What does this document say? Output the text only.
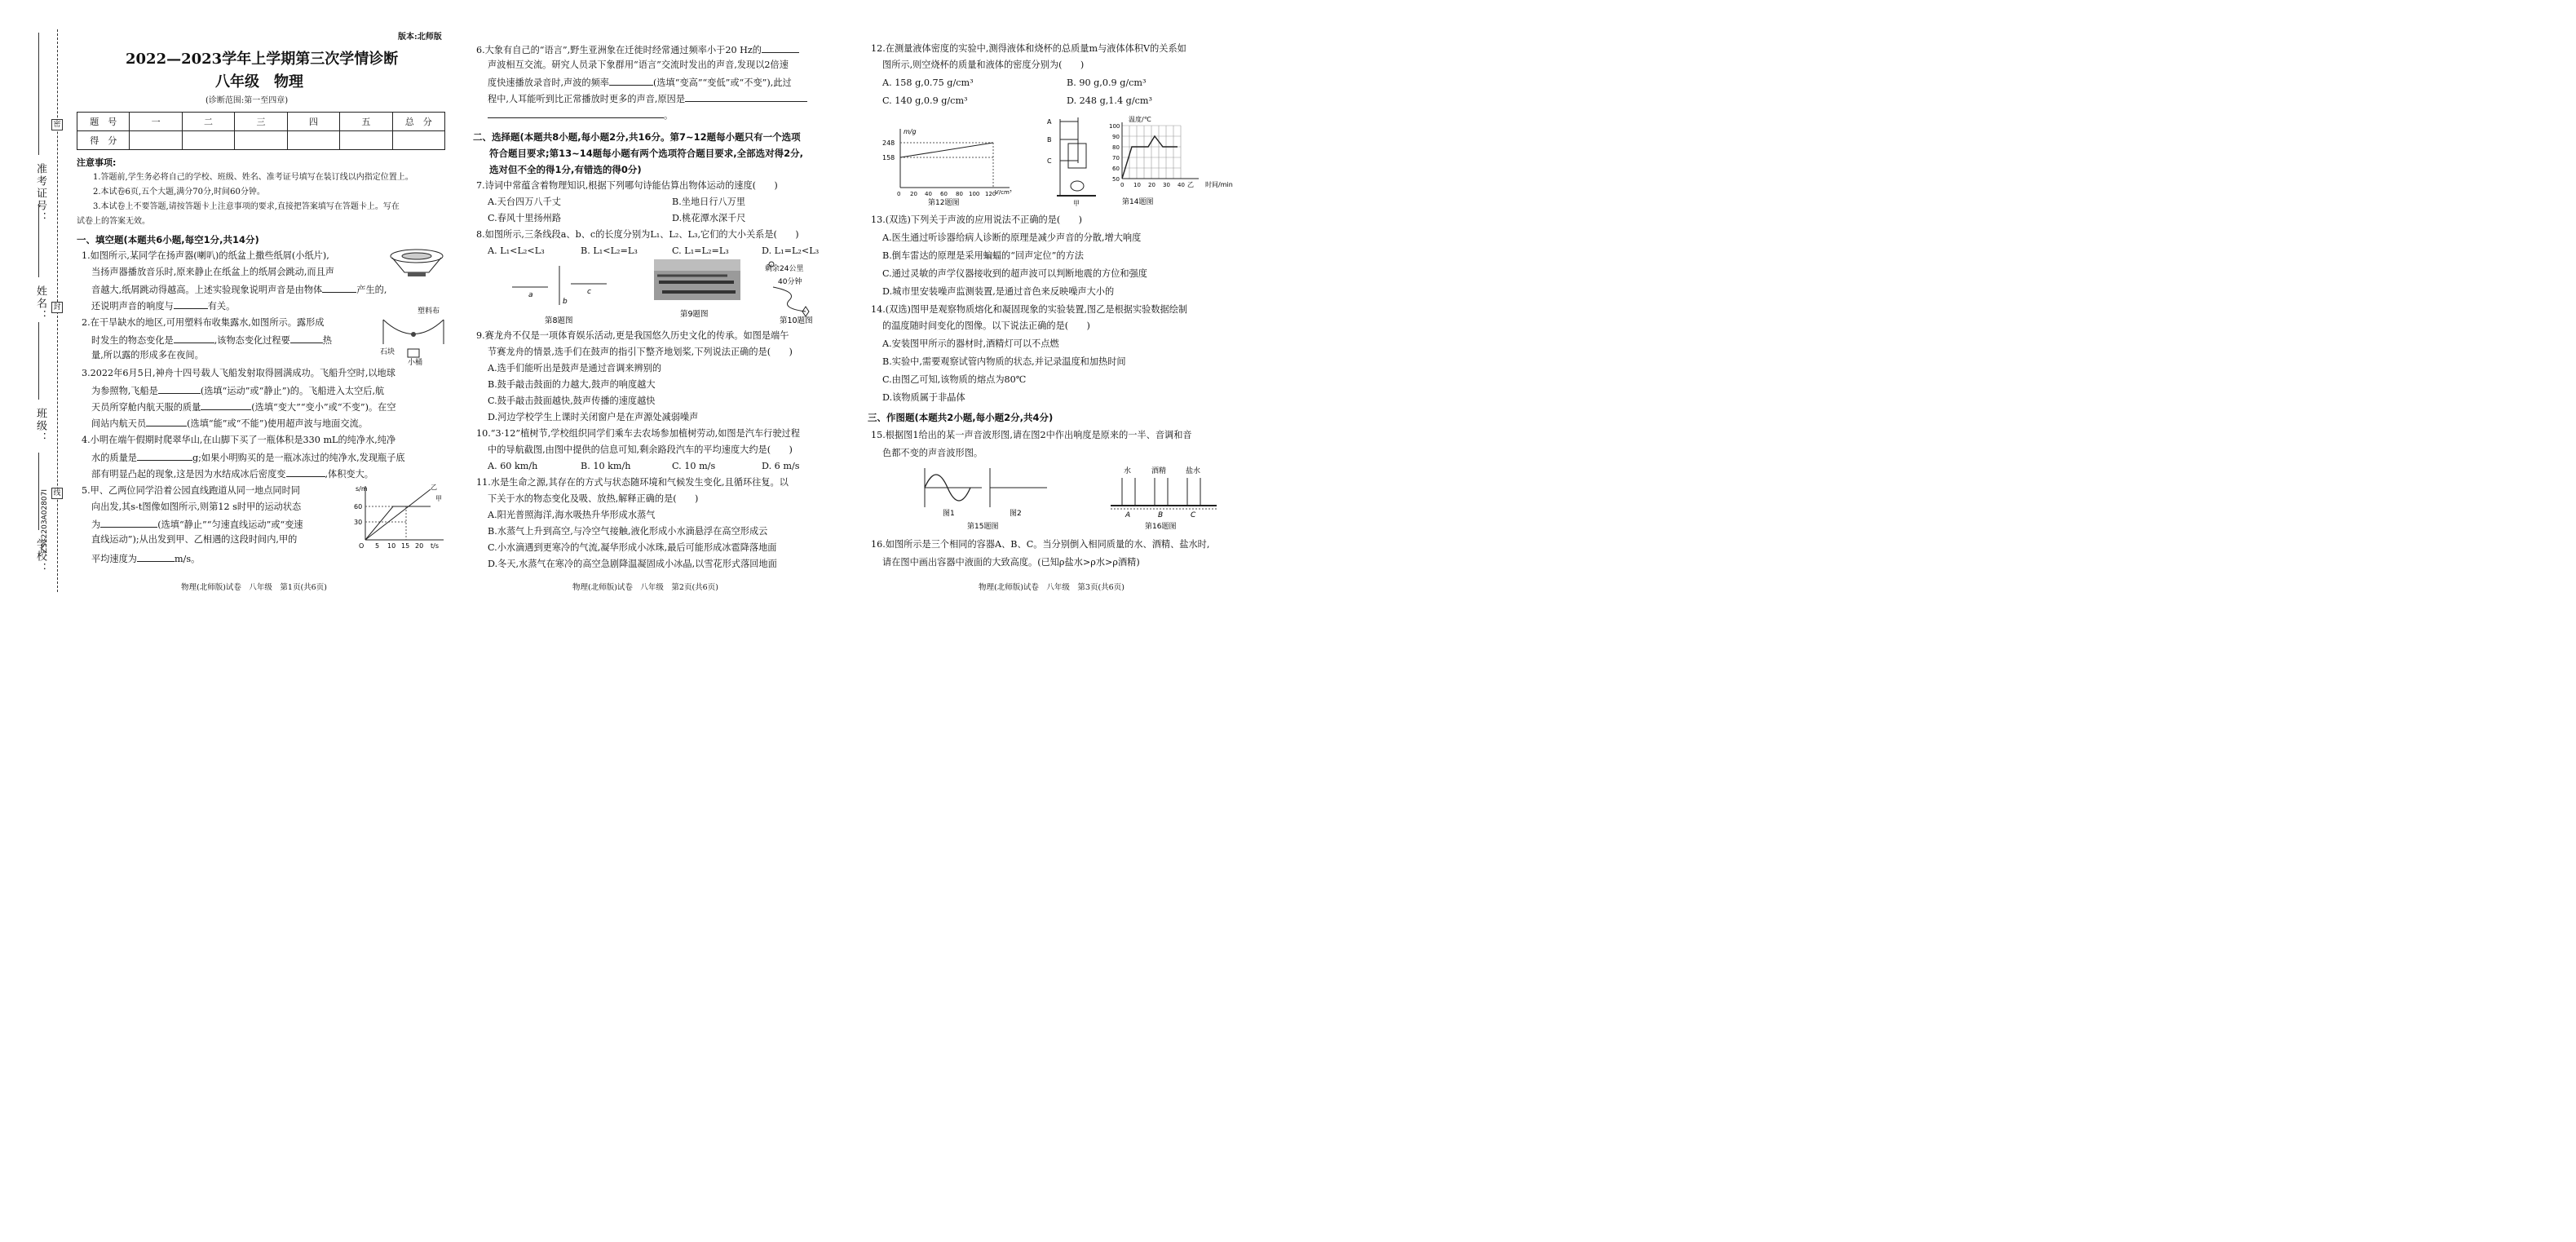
准考证号：
姓名：
班级：
学校：
密
封
线
ZS12203A02807I
版本:北师版
2022—2023学年上学期第三次学情诊断
八年级　物理
(诊断范围:第一至四章)
题　号	一	二	三	四	五	总　分
得　分						
注意事项:
1.答题前,学生务必将自己的学校、班级、姓名、准考证号填写在装订线以内指定位置上。
2.本试卷6页,五个大题,满分70分,时间60分钟。
3.本试卷上不要答题,请按答题卡上注意事项的要求,直接把答案填写在答题卡上。写在
试卷上的答案无效。
一、填空题(本题共6小题,每空1分,共14分)
1.如图所示,某同学在扬声器(喇叭)的纸盆上撒些纸屑(小纸片),
当扬声器播放音乐时,原来静止在纸盆上的纸屑会跳动,而且声
音越大,纸屑跳动得越高。上述实验现象说明声音是由物体	产生的,
还说明声音的响度与	有关。
2.在干旱缺水的地区,可用塑料布收集露水,如图所示。露形成
时发生的物态变化是	,该物态变化过程要	热
量,所以露的形成多在夜间。
塑料布
石块
小桶
3.2022年6月5日,神舟十四号载人飞船发射取得圆满成功。飞船升空时,以地球
为参照物,飞船是	(选填“运动”或“静止”)的。飞船进入太空后,航
天员所穿舱内航天服的质量	(选填“变大”“变小”或“不变”)。在空
间站内航天员	(选填“能”或“不能”)使用超声波与地面交流。
4.小明在端午假期时爬翠华山,在山脚下买了一瓶体积是330 mL的纯净水,纯净
水的质量是	g;如果小明购买的是一瓶冰冻过的纯净水,发现瓶子底
部有明显凸起的现象,这是因为水结成冰后密度变	,体积变大。
5.甲、乙两位同学沿着公园直线跑道从同一地点同时同
向出发,其s-t图像如图所示,则第12 s时甲的运动状态
为	(选填“静止”“匀速直线运动”或“变速
直线运动”);从出发到甲、乙相遇的这段时间内,甲的
平均速度为	m/s。
s/m
t/s
60
30
5 10 15 20
O
乙
甲
物理(北师版)试卷　八年级　第1页(共6页)
6.大象有自己的“语言”,野生亚洲象在迁徙时经常通过频率小于20 Hz的
声波相互交流。研究人员录下象群用“语言”交流时发出的声音,发现以2倍速
度快速播放录音时,声波的频率	(选填“变高”“变低”或“不变”),此过
程中,人耳能听到比正常播放时更多的声音,原因是
。
二、选择题(本题共8小题,每小题2分,共16分。第7~12题每小题只有一个选项
符合题目要求;第13~14题每小题有两个选项符合题目要求,全部选对得2分,
选对但不全的得1分,有错选的得0分)
7.诗词中常蕴含着物理知识,根据下列哪句诗能估算出物体运动的速度(　　)
A.天台四万八千丈	B.坐地日行八万里
C.春风十里扬州路	D.桃花潭水深千尺
8.如图所示,三条线段a、b、c的长度分别为L₁、L₂、L₃,它们的大小关系是(　　)
A. L₁<L₂<L₃	B. L₁<L₂=L₃	C. L₁=L₂=L₃	D. L₁=L₂<L₃
a
b
c
第8题图
第9题图
剩余24公里
40分钟
第10题图
9.赛龙舟不仅是一项体育娱乐活动,更是我国悠久历史文化的传承。如图是端午
节赛龙舟的情景,选手们在鼓声的指引下整齐地划桨,下列说法正确的是(　　)
A.选手们能听出是鼓声是通过音调来辨别的
B.鼓手敲击鼓面的力越大,鼓声的响度越大
C.鼓手敲击鼓面越快,鼓声传播的速度越快
D.河边学校学生上课时关闭窗户是在声源处减弱噪声
10.“3·12”植树节,学校组织同学们乘车去农场参加植树劳动,如图是汽车行驶过程
中的导航截图,由图中提供的信息可知,剩余路段汽车的平均速度大约是(　　)
A. 60 km/h	B. 10 km/h	C. 10 m/s	D. 6 m/s
11.水是生命之源,其存在的方式与状态随环境和气候发生变化,且循环往复。以
下关于水的物态变化及吸、放热,解释正确的是(　　)
A.阳光普照海洋,海水吸热升华形成水蒸气
B.水蒸气上升到高空,与冷空气接触,液化形成小水滴悬浮在高空形成云
C.小水滴遇到更寒冷的气流,凝华形成小冰珠,最后可能形成冰雹降落地面
D.冬天,水蒸气在寒冷的高空急剧降温凝固成小冰晶,以雪花形式落回地面
物理(北师版)试卷　八年级　第2页(共6页)
12.在测量液体密度的实验中,测得液体和烧杯的总质量m与液体体积V的关系如
图所示,则空烧杯的质量和液体的密度分别为(　　)
A. 158 g,0.75 g/cm³	B. 90 g,0.9 g/cm³
C. 140 g,0.9 g/cm³	D. 248 g,1.4 g/cm³
m/g
V/cm³
248
158
0 20 40 60 80 100 120
第12题图
A
B
C
甲
温度/℃
100
90
80
70
60
50
0 10 20 30 40 乙 时间/min
第14题图
13.(双选)下列关于声波的应用说法不正确的是(　　)
A.医生通过听诊器给病人诊断的原理是减少声音的分散,增大响度
B.倒车雷达的原理是采用蝙蝠的“回声定位”的方法
C.通过灵敏的声学仪器接收到的超声波可以判断地震的方位和强度
D.城市里安装噪声监测装置,是通过音色来反映噪声大小的
14.(双选)图甲是观察物质熔化和凝固现象的实验装置,图乙是根据实验数据绘制
的温度随时间变化的图像。以下说法正确的是(　　)
A.安装图甲所示的器材时,酒精灯可以不点燃
B.实验中,需要观察试管内物质的状态,并记录温度和加热时间
C.由图乙可知,该物质的熔点为80℃
D.该物质属于非晶体
三、作图题(本题共2小题,每小题2分,共4分)
15.根据图1给出的某一声音波形图,请在图2中作出响度是原来的一半、音调和音
色都不变的声音波形图。
图1	图2
第15题图
水	酒精	盐水
A	B	C
第16题图
16.如图所示是三个相同的容器A、B、C。当分别倒入相同质量的水、酒精、盐水时,
请在图中画出容器中液面的大致高度。(已知ρ盐水>ρ水>ρ酒精)
物理(北师版)试卷　八年级　第3页(共6页)
